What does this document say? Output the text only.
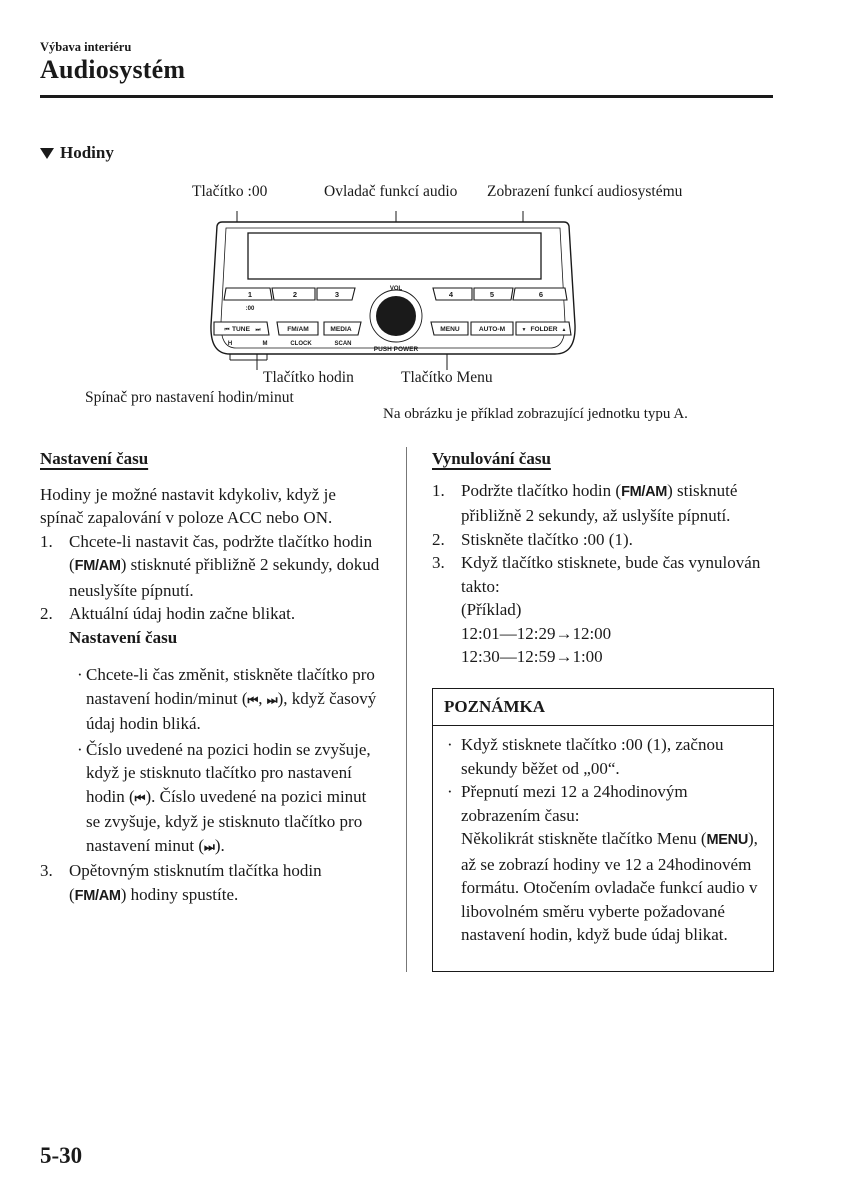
Výbava interiéru
Audiosystém
Hodiny
Tlačítko :00	Ovladač funkcí audio Zobrazení funkcí audiosystému
Tlačítko hodin	Tlačítko Menu
Spínač pro nastavení hodin/minut
Na obrázku je příklad zobrazující jednotku typu A.
1	2	3	4	5	6
:00
VOL
PUSH POWER
⏮ TUNE ⏭	FM/AM	MEDIA	MENU	AUTO-M	▼ FOLDER ▲
H	M	CLOCK	SCAN
Nastavení času
Hodiny je možné nastavit kdykoliv, když je spínač zapalování v poloze ACC nebo ON.
1. Chcete-li nastavit čas, podržte tlačítko hodin (FM/AM) stisknuté přibližně 2 sekundy, dokud neuslyšíte pípnutí.
2. Aktuální údaj hodin začne blikat.
Nastavení času
· Chcete-li čas změnit, stiskněte tlačítko pro nastavení hodin/minut (⏮, ⏭), když časový údaj hodin bliká.
· Číslo uvedené na pozici hodin se zvyšuje, když je stisknuto tlačítko pro nastavení hodin (⏮). Číslo uvedené na pozici minut se zvyšuje, když je stisknuto tlačítko pro nastavení minut (⏭).
3. Opětovným stisknutím tlačítka hodin (FM/AM) hodiny spustíte.
Vynulování času
1. Podržte tlačítko hodin (FM/AM) stisknuté přibližně 2 sekundy, až uslyšíte pípnutí.
2. Stiskněte tlačítko :00 (1).
3. Když tlačítko stisknete, bude čas vynulován takto:
(Příklad)
12:01―12:29→12:00
12:30―12:59→1:00
POZNÁMKA
· Když stisknete tlačítko :00 (1), začnou sekundy běžet od „00“.
· Přepnutí mezi 12 a 24hodinovým zobrazením času:
Několikrát stiskněte tlačítko Menu (MENU), až se zobrazí hodiny ve 12 a 24hodinovém formátu. Otočením ovladače funkcí audio v libovolném směru vyberte požadované nastavení hodin, když bude údaj blikat.
5-30
